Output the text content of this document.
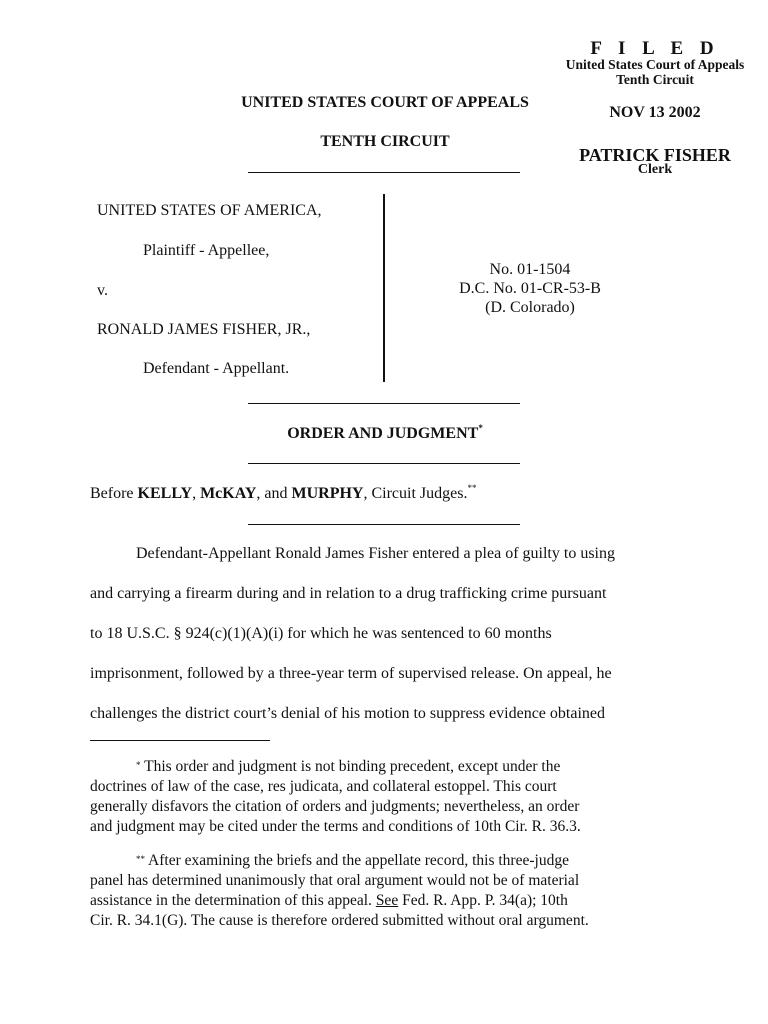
F I L E D
United States Court of Appeals
Tenth Circuit
NOV 13 2002
PATRICK FISHER
Clerk
UNITED STATES COURT OF APPEALS
TENTH CIRCUIT
UNITED STATES OF AMERICA,
Plaintiff - Appellee,
v.
RONALD JAMES FISHER, JR.,
Defendant - Appellant.
No. 01-1504
D.C. No. 01-CR-53-B
(D. Colorado)
ORDER AND JUDGMENT*
Before KELLY, McKAY, and MURPHY, Circuit Judges.**
Defendant-Appellant Ronald James Fisher entered a plea of guilty to using
and carrying a firearm during and in relation to a drug trafficking crime pursuant
to 18 U.S.C. § 924(c)(1)(A)(i) for which he was sentenced to 60 months
imprisonment, followed by a three-year term of supervised release. On appeal, he
challenges the district court’s denial of his motion to suppress evidence obtained
* This order and judgment is not binding precedent, except under the
doctrines of law of the case, res judicata, and collateral estoppel. This court
generally disfavors the citation of orders and judgments; nevertheless, an order
and judgment may be cited under the terms and conditions of 10th Cir. R. 36.3.
** After examining the briefs and the appellate record, this three-judge
panel has determined unanimously that oral argument would not be of material
assistance in the determination of this appeal. See Fed. R. App. P. 34(a); 10th
Cir. R. 34.1(G). The cause is therefore ordered submitted without oral argument.
